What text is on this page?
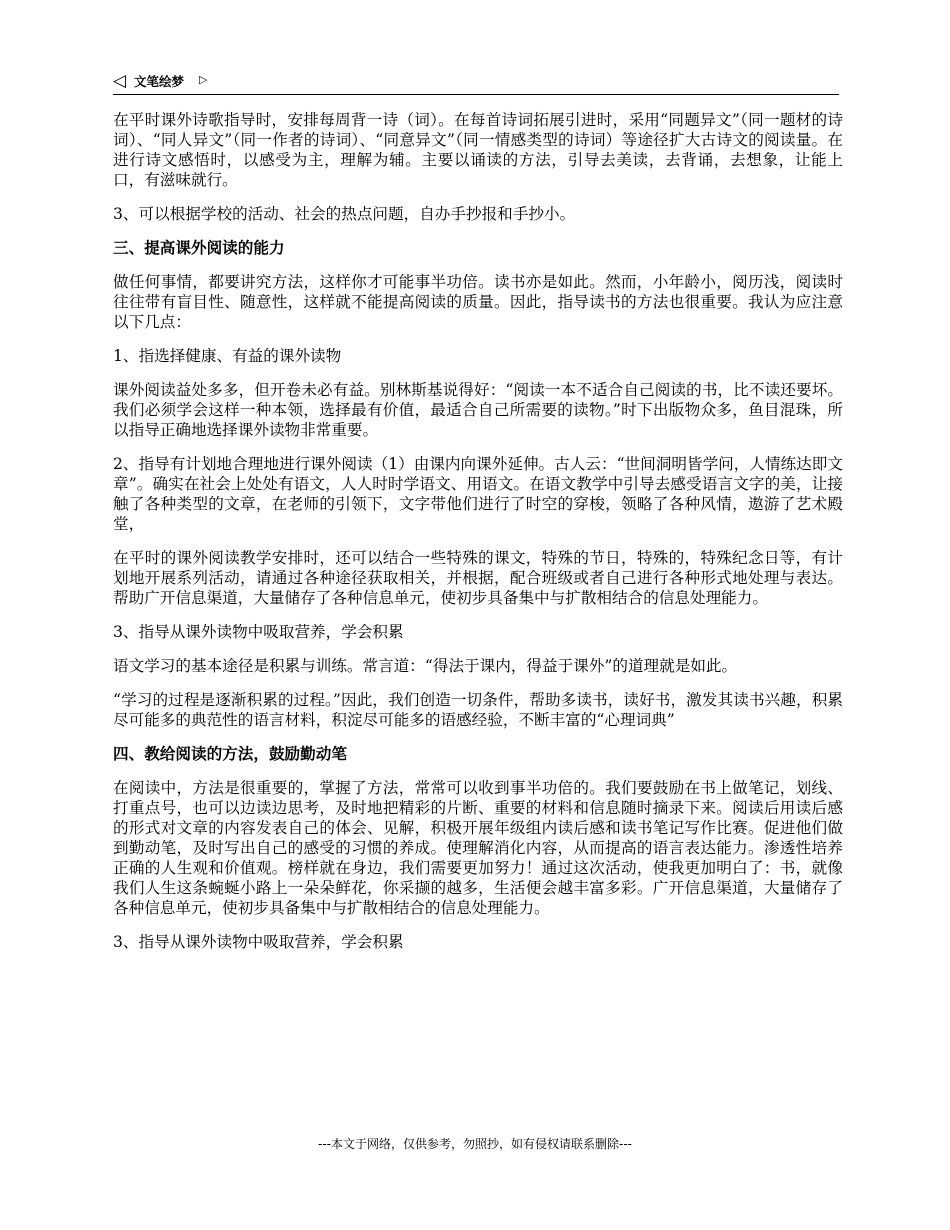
◁ 文笔绘梦 ▷

在平时课外诗歌指导时，安排每周背一诗（词）。在每首诗词拓展引进时，采用“同题异文”（同一题材的诗词）、“同人异文”（同一作者的诗词）、“同意异文”（同一情感类型的诗词）等途径扩大古诗文的阅读量。在进行诗文感悟时，以感受为主，理解为辅。主要以诵读的方法，引导去美读，去背诵，去想象，让能上口，有滋味就行。

3、可以根据学校的活动、社会的热点问题，自办手抄报和手抄小。

三、提高课外阅读的能力

做任何事情，都要讲究方法，这样你才可能事半功倍。读书亦是如此。然而，小年龄小，阅历浅，阅读时往往带有盲目性、随意性，这样就不能提高阅读的质量。因此，指导读书的方法也很重要。我认为应注意以下几点：

1、指选择健康、有益的课外读物

课外阅读益处多多，但开卷未必有益。别林斯基说得好：“阅读一本不适合自己阅读的书，比不读还要坏。我们必须学会这样一种本领，选择最有价值，最适合自己所需要的读物。”时下出版物众多，鱼目混珠，所以指导正确地选择课外读物非常重要。

2、指导有计划地合理地进行课外阅读（1）由课内向课外延伸。古人云：“世间洞明皆学问，人情练达即文章”。确实在社会上处处有语文，人人时时学语文、用语文。在语文教学中引导去感受语言文字的美，让接触了各种类型的文章，在老师的引领下，文字带他们进行了时空的穿梭，领略了各种风情，遨游了艺术殿堂，

在平时的课外阅读教学安排时，还可以结合一些特殊的课文，特殊的节日，特殊的，特殊纪念日等，有计划地开展系列活动，请通过各种途径获取相关，并根据，配合班级或者自己进行各种形式地处理与表达。帮助广开信息渠道，大量储存了各种信息单元，使初步具备集中与扩散相结合的信息处理能力。

3、指导从课外读物中吸取营养，学会积累

语文学习的基本途径是积累与训练。常言道：“得法于课内，得益于课外”的道理就是如此。

“学习的过程是逐渐积累的过程。”因此，我们创造一切条件，帮助多读书，读好书，激发其读书兴趣，积累尽可能多的典范性的语言材料，积淀尽可能多的语感经验，不断丰富的“心理词典”

四、教给阅读的方法，鼓励勤动笔

在阅读中，方法是很重要的，掌握了方法，常常可以收到事半功倍的。我们要鼓励在书上做笔记，划线、打重点号，也可以边读边思考，及时地把精彩的片断、重要的材料和信息随时摘录下来。阅读后用读后感的形式对文章的内容发表自己的体会、见解，积极开展年级组内读后感和读书笔记写作比赛。促进他们做到勤动笔，及时写出自己的感受的习惯的养成。使理解消化内容，从而提高的语言表达能力。渗透性培养正确的人生观和价值观。榜样就在身边，我们需要更加努力！通过这次活动，使我更加明白了：书，就像我们人生这条蜿蜒小路上一朵朵鲜花，你采撷的越多，生活便会越丰富多彩。广开信息渠道，大量储存了各种信息单元，使初步具备集中与扩散相结合的信息处理能力。

3、指导从课外读物中吸取营养，学会积累

---本文于网络，仅供参考，勿照抄，如有侵权请联系删除---
